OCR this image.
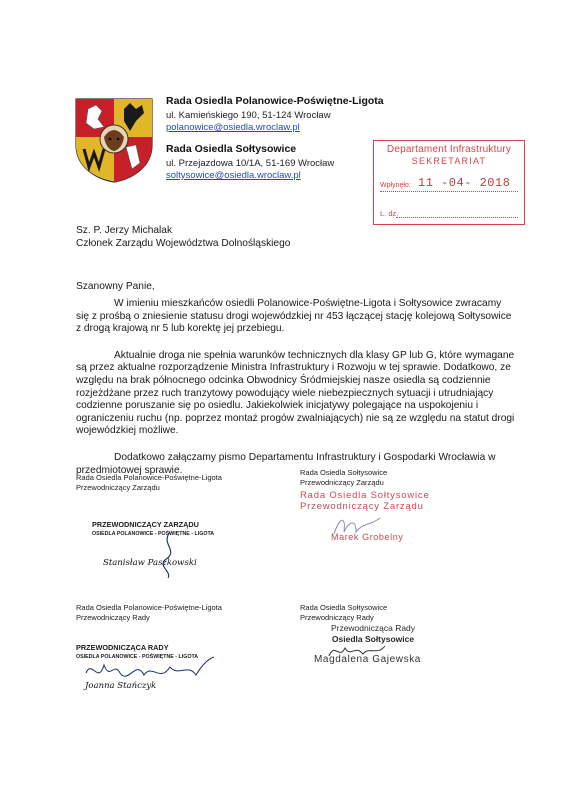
Rada Osiedla Polanowice-Poświętne-Ligota
ul. Kamieńskiego 190, 51-124 Wrocław
polanowice@osiedla.wroclaw.pl
Rada Osiedla Sołtysowice
ul. Przejazdowa 10/1A, 51-169 Wrocław
soltysowice@osiedla.wroclaw.pl
Departament Infrastruktury
SEKRETARIAT
Wpłynęło: 11 -04- 2018
L. dz.
Sz. P. Jerzy Michalak
Członek Zarządu Województwa Dolnośląskiego
Szanowny Panie,

W imieniu mieszkańców osiedli Polanowice-Poświętne-Ligota i Sołtysowice zwracamy się z prośbą o zniesienie statusu drogi wojewódzkiej nr 453 łączącej stację kolejową Sołtysowice z drogą krajową nr 5 lub korektę jej przebiegu.

Aktualnie droga nie spełnia warunków technicznych dla klasy GP lub G, które wymagane są przez aktualne rozporządzenie Ministra Infrastruktury i Rozwoju w tej sprawie. Dodatkowo, ze względu na brak północnego odcinka Obwodnicy Śródmiejskiej nasze osiedla są codziennie rozjeżdżane przez ruch tranzytowy powodujący wiele niebezpiecznych sytuacji i utrudniający codzienne poruszanie się po osiedlu. Jakiekolwiek inicjatywy polegające na uspokojeniu i ograniczeniu ruchu (np. poprzez montaż progów zwalniających) nie są ze względu na statut drogi wojewódzkiej możliwe.

Dodatkowo załączamy pismo Departamentu Infrastruktury i Gospodarki Wrocławia w przedmiotowej sprawie.

Rada Osiedla Polanowice-Poświętne-Ligota
Przewodniczący Zarządu
PRZEWODNICZĄCY ZARZĄDU
OSIEDLA POLANOWICE - POŚWIĘTNE - LIGOTA
Stanisław Paszkowski
Rada Osiedla Sołtysowice
Przewodniczący Zarządu
Rada Osiedla Sołtysowice
Przewodniczący Zarządu
Marek Grobelny
Rada Osiedla Polanowice-Poświętne-Ligota
Przewodniczący Rady
PRZEWODNICZĄCA RADY
OSIEDLA POLANOWICE - POŚWIĘTNE - LIGOTA
Joanna Stańczyk
Rada Osiedla Sołtysowice
Przewodniczący Rady
Przewodnicząca Rady
Osiedla Sołtysowice
Magdalena Gajewska
